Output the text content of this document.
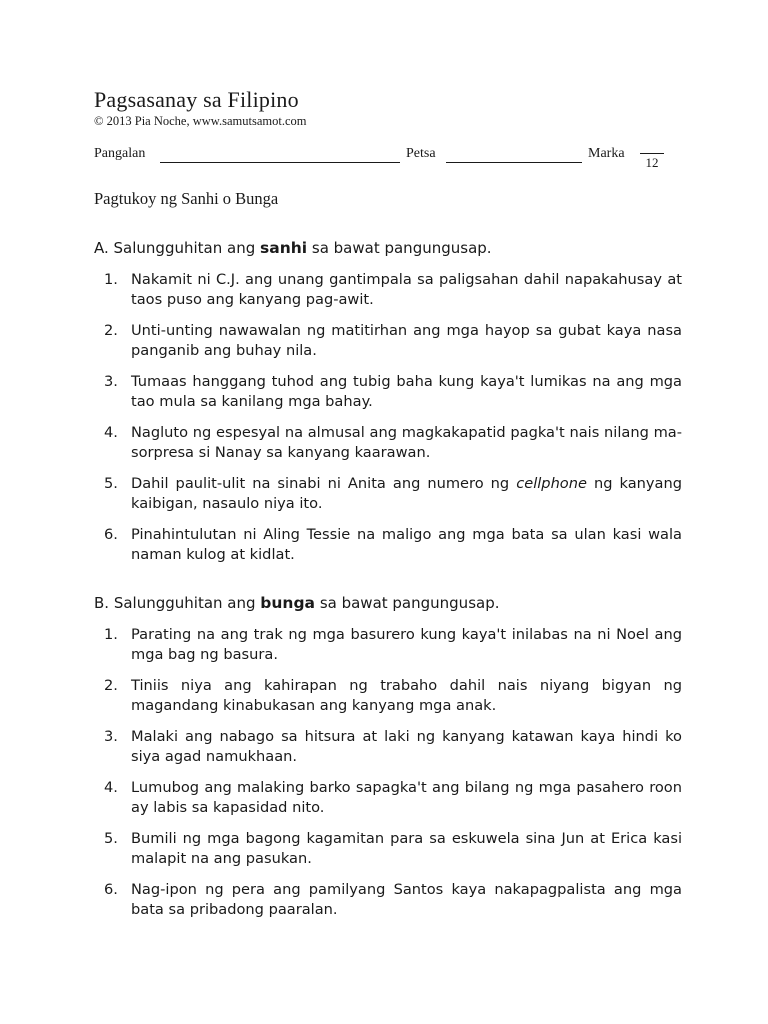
Pagsasanay sa Filipino
© 2013 Pia Noche, www.samutsamot.com
Pangalan	Petsa	Marka
12
Pagtukoy ng Sanhi o Bunga
A. Salungguhitan ang sanhi sa bawat pangungusap.
1. Nakamit ni C.J. ang unang gantimpala sa paligsahan dahil napakahusay at taos puso ang kanyang pag-awit.
2. Unti-unting nawawalan ng matitirhan ang mga hayop sa gubat kaya nasa panganib ang buhay nila.
3. Tumaas hanggang tuhod ang tubig baha kung kaya't lumikas na ang mga tao mula sa kanilang mga bahay.
4. Nagluto ng espesyal na almusal ang magkakapatid pagka't nais nilang ma-sorpresa si Nanay sa kanyang kaarawan.
5. Dahil paulit-ulit na sinabi ni Anita ang numero ng cellphone ng kanyang kaibigan, nasaulo niya ito.
6. Pinahintulutan ni Aling Tessie na maligo ang mga bata sa ulan kasi wala naman kulog at kidlat.
B. Salungguhitan ang bunga sa bawat pangungusap.
1. Parating na ang trak ng mga basurero kung kaya't inilabas na ni Noel ang mga bag ng basura.
2. Tiniis niya ang kahirapan ng trabaho dahil nais niyang bigyan ng magandang kinabukasan ang kanyang mga anak.
3. Malaki ang nabago sa hitsura at laki ng kanyang katawan kaya hindi ko siya agad namukhaan.
4. Lumubog ang malaking barko sapagka't ang bilang ng mga pasahero roon ay labis sa kapasidad nito.
5. Bumili ng mga bagong kagamitan para sa eskuwela sina Jun at Erica kasi malapit na ang pasukan.
6. Nag-ipon ng pera ang pamilyang Santos kaya nakapagpalista ang mga bata sa pribadong paaralan.
